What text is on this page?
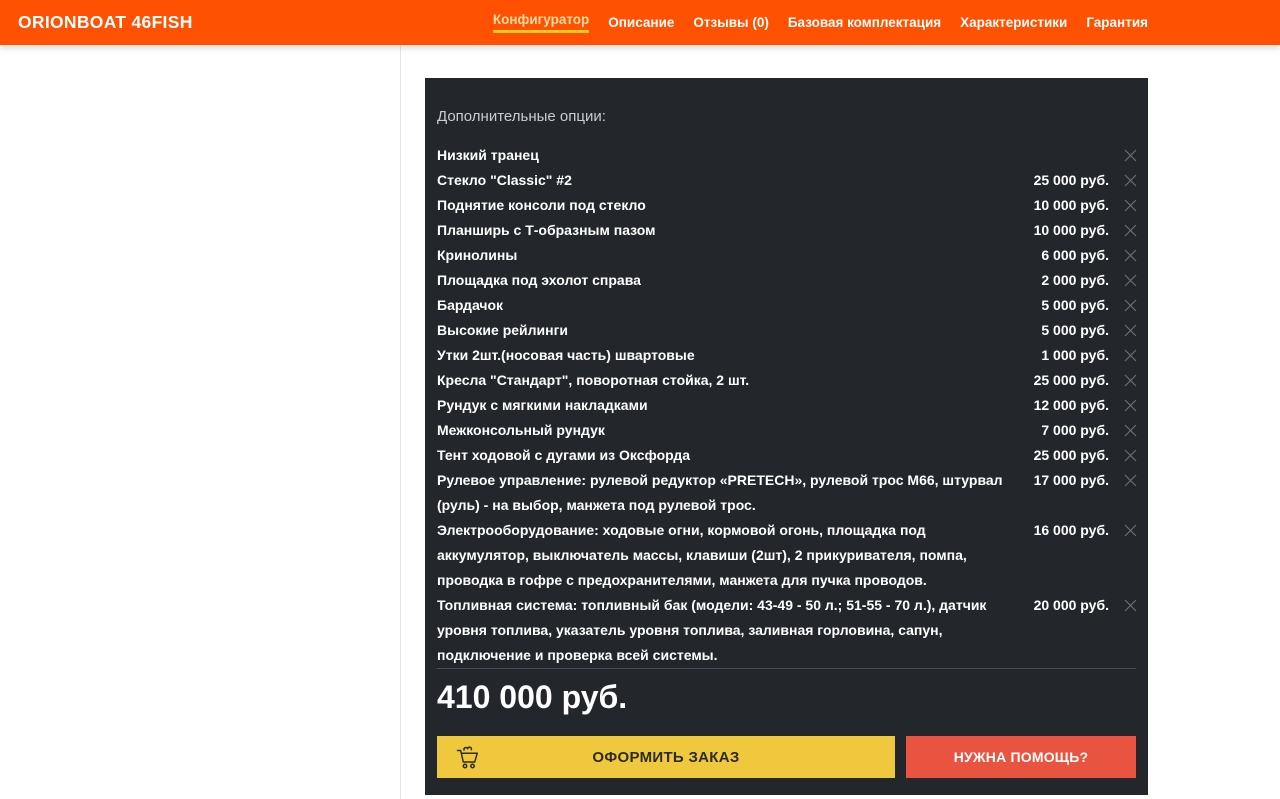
ORIONBOAT 46FISH	Конфигуратор Описание Отзывы (0) Базовая комплектация Характеристики Гарантия
Дополнительные опции:
Низкий транец
Стекло "Classic" #2	25 000 руб.
Поднятие консоли под стекло	10 000 руб.
Планширь с Т-образным пазом	10 000 руб.
Кринолины	6 000 руб.
Площадка под эхолот справа	2 000 руб.
Бардачок	5 000 руб.
Высокие рейлинги	5 000 руб.
Утки 2шт.(носовая часть) швартовые	1 000 руб.
Кресла "Стандарт", поворотная стойка, 2 шт.	25 000 руб.
Рундук с мягкими накладками	12 000 руб.
Межконсольный рундук	7 000 руб.
Тент ходовой с дугами из Оксфорда	25 000 руб.
Рулевое управление: рулевой редуктор «PRETECH», рулевой трос М66, штурвал (руль) - на выбор, манжета под рулевой трос.
17 000 руб.
Электрооборудование: ходовые огни, кормовой огонь, площадка под аккумулятор, выключатель массы, клавиши (2шт), 2 прикуривателя, помпа, проводка в гофре с предохранителями, манжета для пучка проводов.
16 000 руб.
Топливная система: топливный бак (модели: 43-49 - 50 л.; 51-55 - 70 л.), датчик уровня топлива, указатель уровня топлива, заливная горловина, сапун, подключение и проверка всей системы.
20 000 руб.
410 000 руб.
ОФОРМИТЬ ЗАКАЗ	НУЖНА ПОМОЩЬ?
